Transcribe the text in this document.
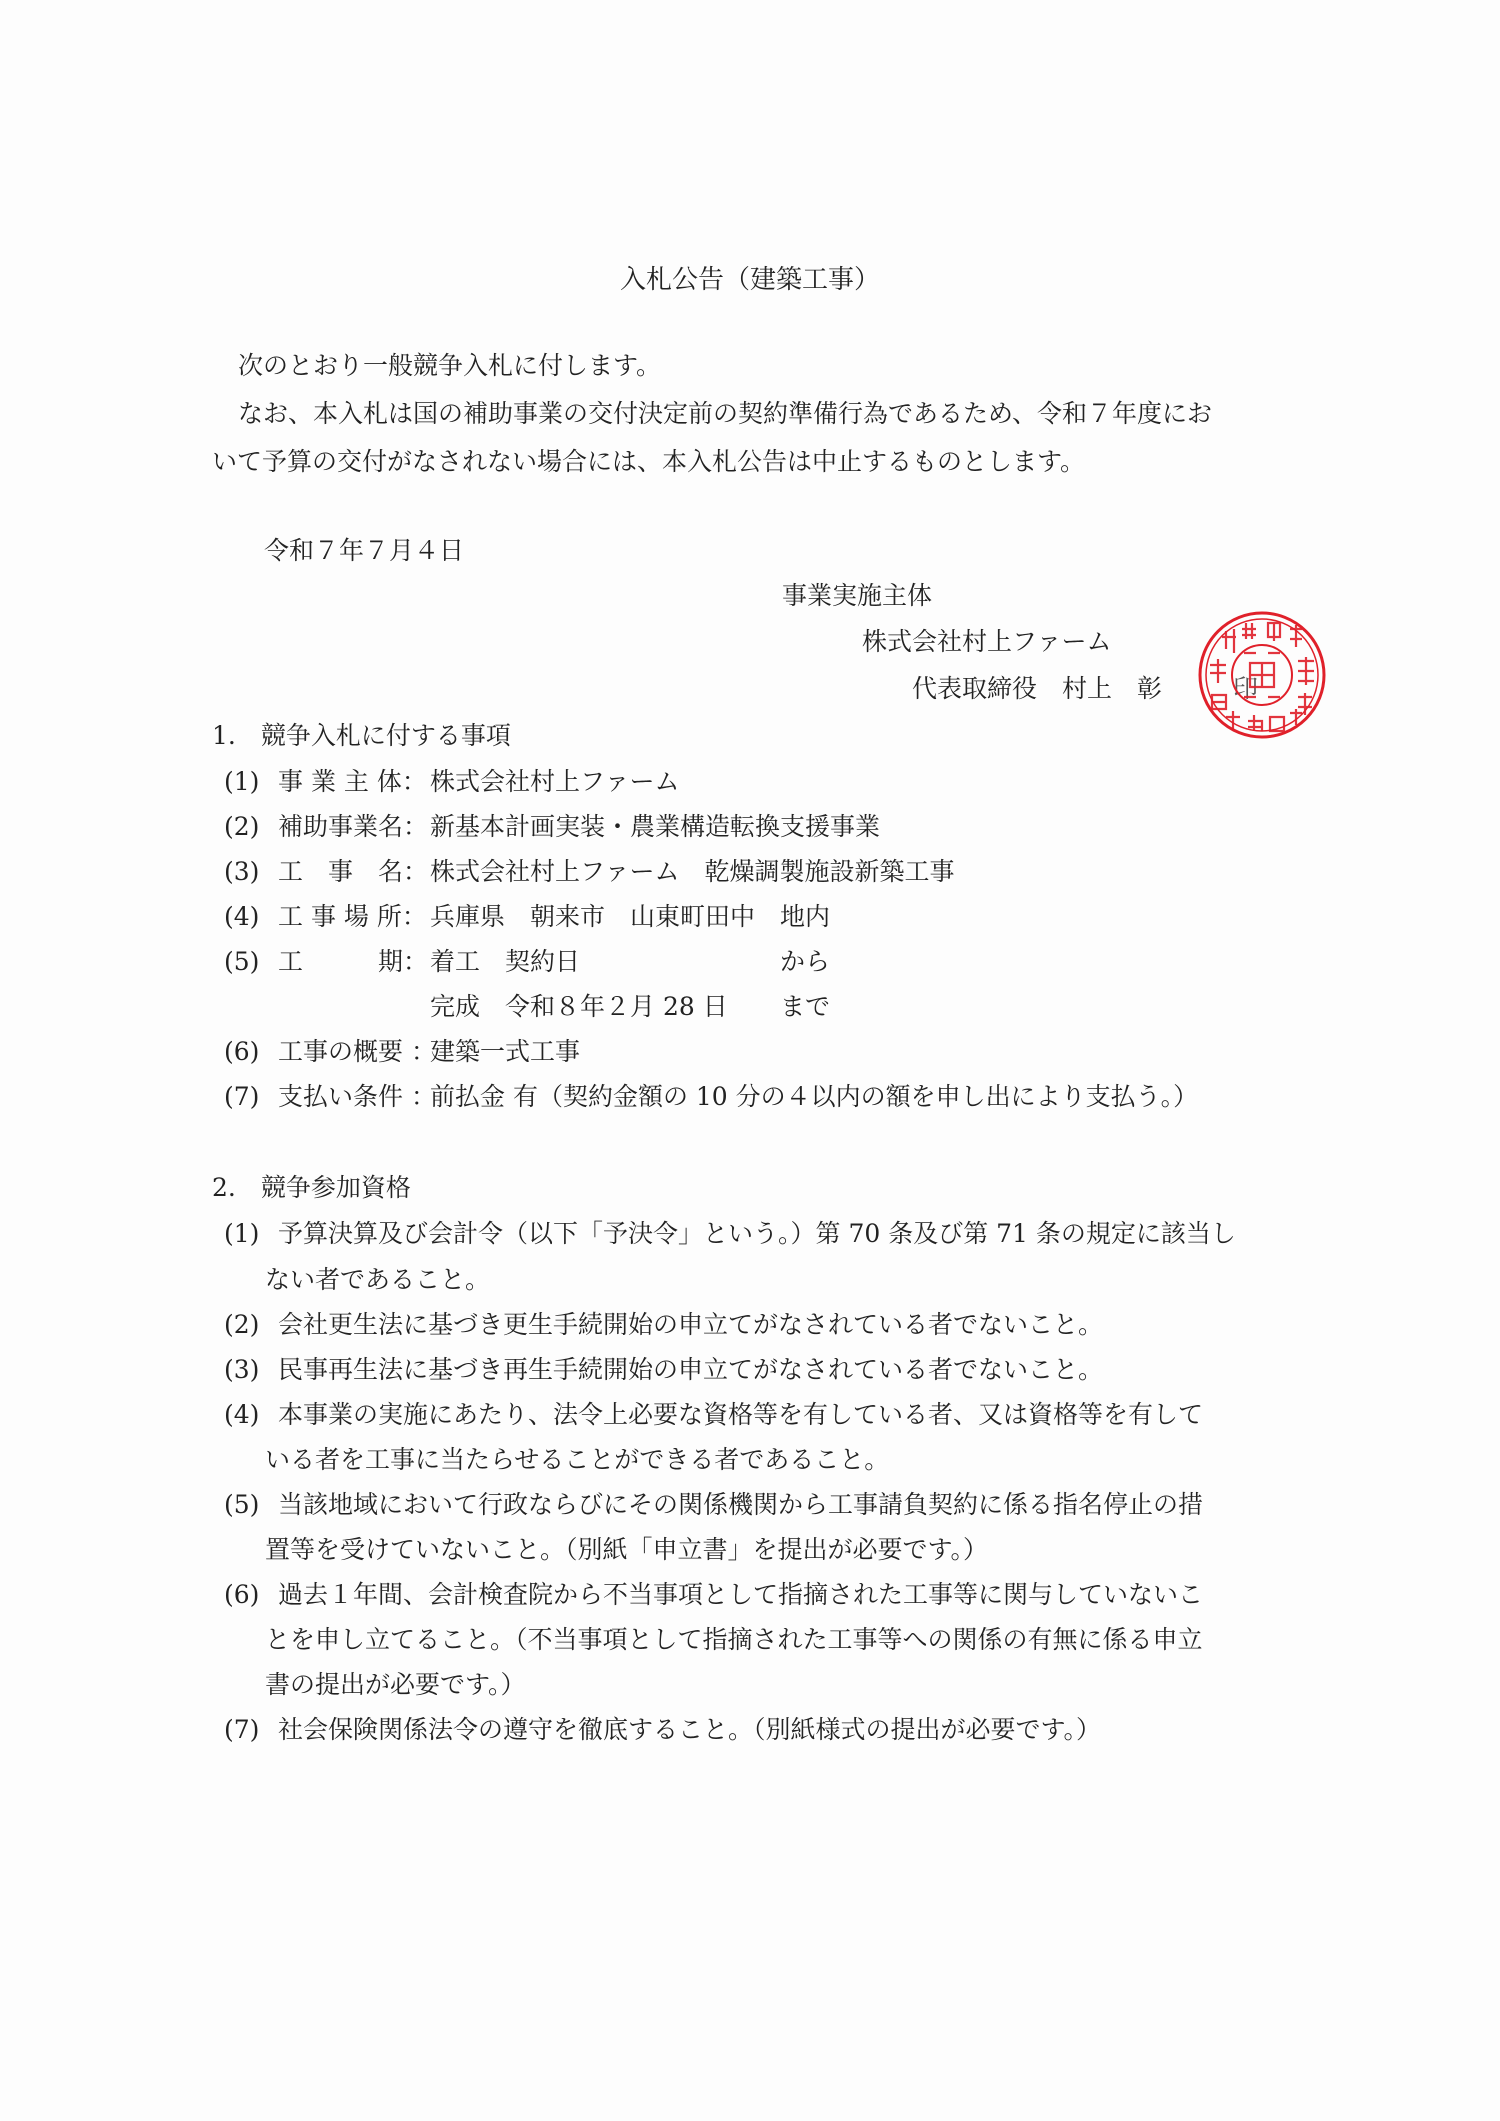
入札公告（建築工事）
次のとおり一般競争入札に付します。
なお、本入札は国の補助事業の交付決定前の契約準備行為であるため、令和７年度にお
いて予算の交付がなされない場合には、本入札公告は中止するものとします。
令和７年７月４日
事業実施主体
株式会社村上ファーム
代表取締役　村上　彰	印
1.　競争入札に付する事項
(1) 事 業 主 体： 株式会社村上ファーム
(2) 補助事業名：新基本計画実装・農業構造転換支援事業
(3) 工　事　名：株式会社村上ファーム　乾燥調製施設新築工事
(4) 工 事 場 所： 兵庫県　朝来市　山東町田中　地内
(5) 工　　　期：着工　契約日	から
完成　令和８年２月 28 日 まで
(6) 工事の概要 ：建築一式工事
(7) 支払い条件 ：前払金 有（契約金額の 10 分の４以内の額を申し出により支払う。）
2.　競争参加資格
(1) 予算決算及び会計令（以下「予決令」という。）第 70 条及び第 71 条の規定に該当し
ない者であること。
(2) 会社更生法に基づき更生手続開始の申立てがなされている者でないこと。
(3) 民事再生法に基づき再生手続開始の申立てがなされている者でないこと。
(4) 本事業の実施にあたり、法令上必要な資格等を有している者、又は資格等を有して
いる者を工事に当たらせることができる者であること。
(5) 当該地域において行政ならびにその関係機関から工事請負契約に係る指名停止の措
置等を受けていないこと。（別紙「申立書」を提出が必要です。）
(6) 過去１年間、会計検査院から不当事項として指摘された工事等に関与していないこ
とを申し立てること。（不当事項として指摘された工事等への関係の有無に係る申立
書の提出が必要です。）
(7) 社会保険関係法令の遵守を徹底すること。（別紙様式の提出が必要です。）
